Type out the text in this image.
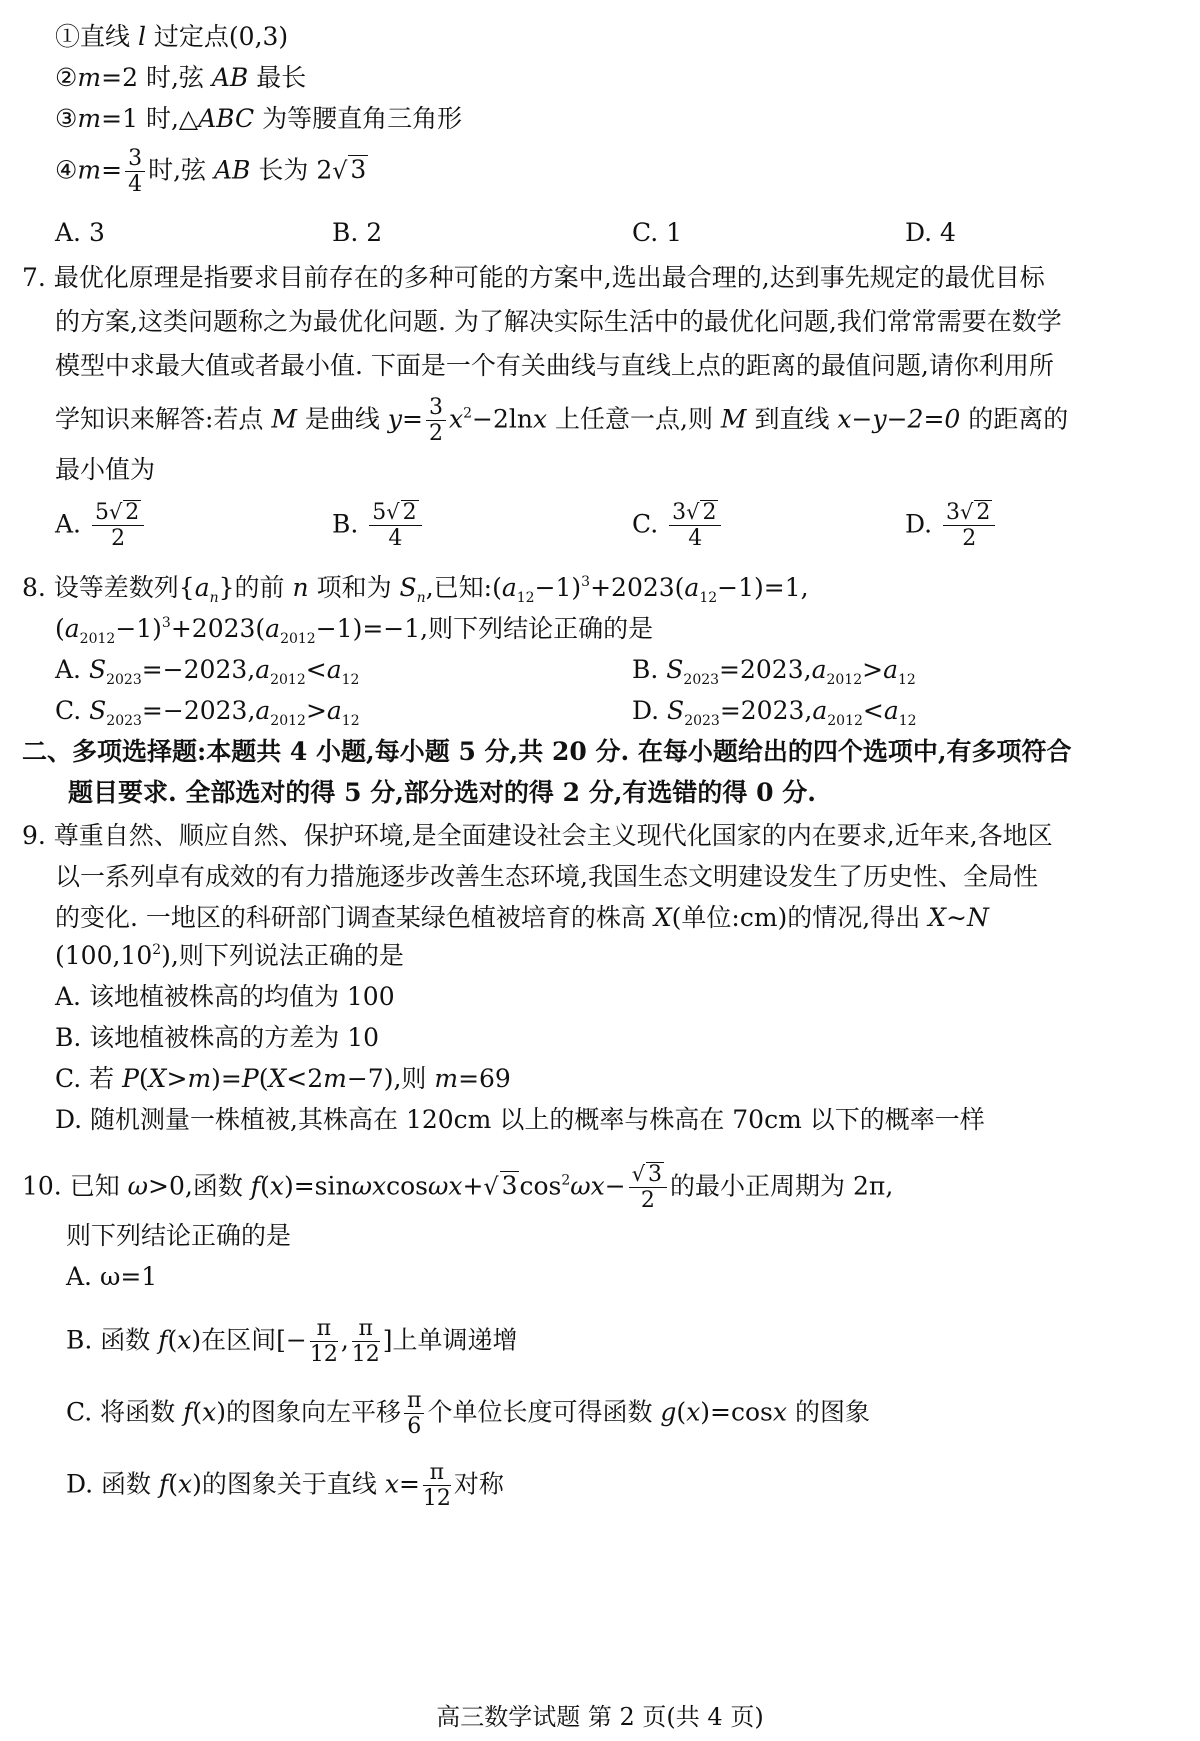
①直线 l 过定点(0,3)
②m=2 时,弦 AB 最长
③m=1 时,△ABC 为等腰直角三角形
④m= $\frac{3}{4}$ 时,弦 AB 长为 2√ 3
A. 3	B. 2	C. 1	D. 4
7. 最优化原理是指要求目前存在的多种可能的方案中,选出最合理的,达到事先规定的最优目标
的方案,这类问题称之为最优化问题. 为了解决实际生活中的最优化问题,我们常常需要在数学
模型中求最大值或者最小值. 下面是一个有关曲线与直线上点的距离的最值问题,请你利用所
学知识来解答:若点 M 是曲线 $y= \frac{3}{2} x^2-2\ln x$ 上任意一点,则 M 到直线 x−y−2=0 的距离的
最小值为
A. $\frac{5√ 2}{2}$	B. $\frac{5√ 2}{4}$	C. $\frac{3√ 2}{4}$	D. $\frac{3√ 2}{2}$
8. 设等差数列$\{a_n\}$的前 n 项和为 $S_n$,已知$:(a_{12}-1)^3+2023(a_{12}-1)=1$,
$(a_{2012}-1)^3+2023(a_{2012}-1)=-1$,则下列结论正确的是
A. $S_{2023}=-2023,a_{2012}<a_{12}$	B. $S_{2023}=2023,a_{2012}>a_{12}$
C. $S_{2023}=-2023,a_{2012}>a_{12}$	D. $S_{2023}=2023,a_{2012}<a_{12}$
二、多项选择题:本题共 4 小题,每小题 5 分,共 20 分. 在每小题给出的四个选项中,有多项符合
题目要求. 全部选对的得 5 分,部分选对的得 2 分,有选错的得 0 分.
9. 尊重自然、顺应自然、保护环境,是全面建设社会主义现代化国家的内在要求,近年来,各地区
以一系列卓有成效的有力措施逐步改善生态环境,我国生态文明建设发生了历史性、全局性
的变化. 一地区的科研部门调查某绿色植被培育的株高 X(单位:cm)的情况,得出 X∼N
(100,10$^2$),则下列说法正确的是
A. 该地植被株高的均值为 100
B. 该地植被株高的方差为 10
C. 若 P(X>m)=P(X<2m−7),则 m=69
D. 随机测量一株植被,其株高在 120cm 以上的概率与株高在 70cm 以下的概率一样
10. 已知 ω>0,函数 f(x)=sinωxcosωx+√ $3\cos^2\omega x- \frac{√ 3}{2}$ 的最小正周期为 2π,
则下列结论正确的是
A. ω=1
B. 函数 f(x)在区间[− $\frac{\pi}{12}$ , $\frac{\pi}{12}$ ]上单调递增
C. 将函数 f(x)的图象向左平移 $\frac{\pi}{6}$ 个单位长度可得函数 g(x)=cosx 的图象
D. 函数 f(x)的图象关于直线 $x= \frac{\pi}{12}$ 对称
高三数学试题 第 2 页(共 4 页)
